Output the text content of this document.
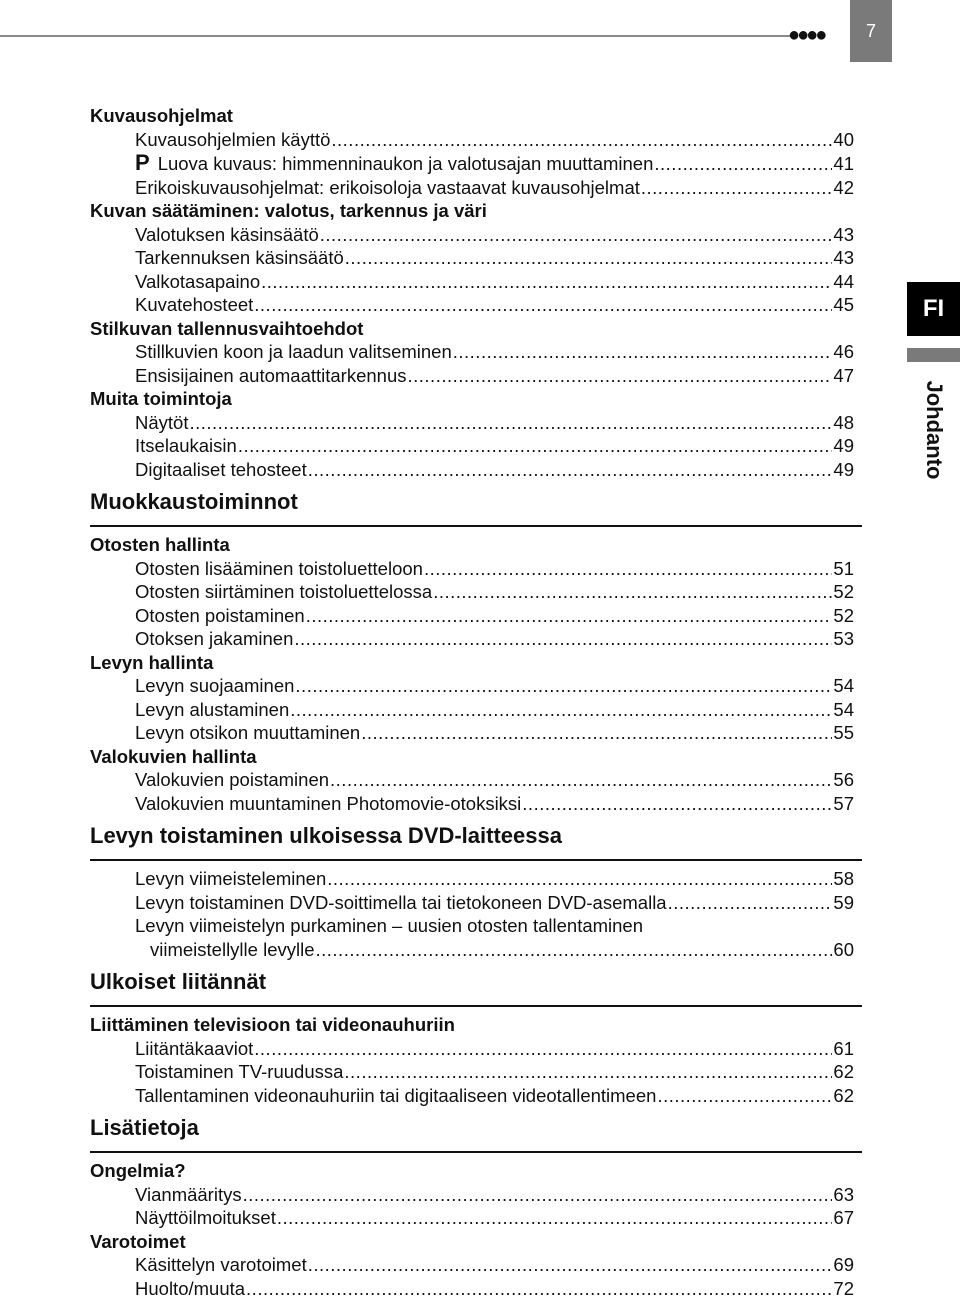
●●●●	7
FI
Johdanto
Kuvausohjelmat
Kuvausohjelmien käyttö .....	40
P Luova kuvaus: himmenninaukon ja valotusajan muuttaminen .....	41
Erikoiskuvausohjelmat: erikoisoloja vastaavat kuvausohjelmat .....	42
Kuvan säätäminen: valotus, tarkennus ja väri
Valotuksen käsinsäätö .....	43
Tarkennuksen käsinsäätö .....	43
Valkotasapaino .....	44
Kuvatehosteet .....	45
Stilkuvan tallennusvaihtoehdot
Stillkuvien koon ja laadun valitseminen .....	46
Ensisijainen automaattitarkennus .....	47
Muita toimintoja
Näytöt .....	48
Itselaukaisin .....	49
Digitaaliset tehosteet .....	49
Muokkaustoiminnot
Otosten hallinta
Otosten lisääminen toistoluetteloon .....	51
Otosten siirtäminen toistoluettelossa .....	52
Otosten poistaminen .....	52
Otoksen jakaminen .....	53
Levyn hallinta
Levyn suojaaminen .....	54
Levyn alustaminen .....	54
Levyn otsikon muuttaminen .....	55
Valokuvien hallinta
Valokuvien poistaminen .....	56
Valokuvien muuntaminen Photomovie-otoksiksi .....	57
Levyn toistaminen ulkoisessa DVD-laitteessa
Levyn viimeisteleminen .....	58
Levyn toistaminen DVD-soittimella tai tietokoneen DVD-asemalla .....	59
Levyn viimeistelyn purkaminen – uusien otosten tallentaminen
viimeistellylle levylle .....	60
Ulkoiset liitännät
Liittäminen televisioon tai videonauhuriin
Liitäntäkaaviot .....	61
Toistaminen TV-ruudussa .....	62
Tallentaminen videonauhuriin tai digitaaliseen videotallentimeen .....	62
Lisätietoja
Ongelmia?
Vianmääritys .....	63
Näyttöilmoitukset .....	67
Varotoimet
Käsittelyn varotoimet .....	69
Huolto/muuta .....	72
